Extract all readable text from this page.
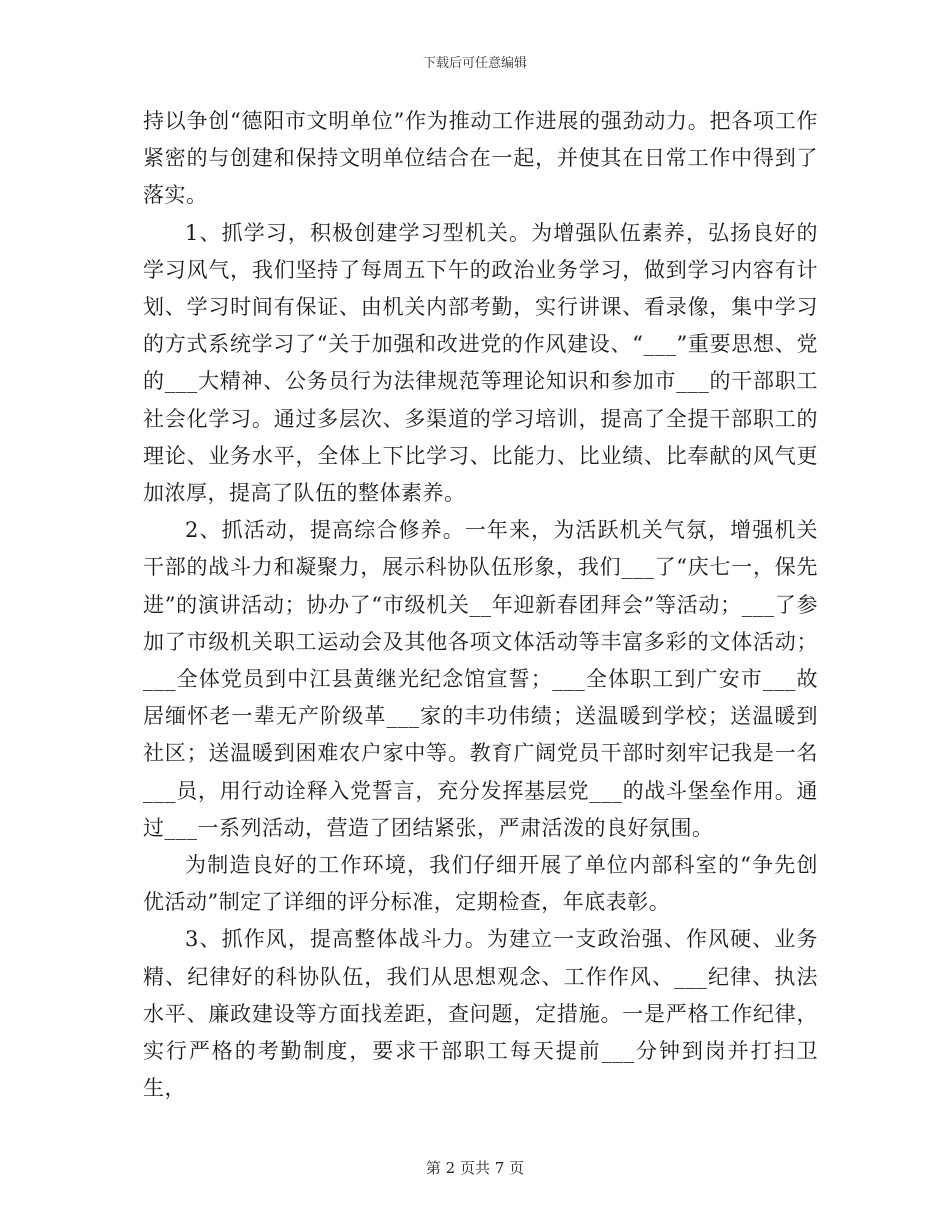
下载后可任意编辑

持以争创“德阳市文明单位”作为推动工作进展的强劲动力。把各项工作紧密的与创建和保持文明单位结合在一起，并使其在日常工作中得到了落实。

1、抓学习，积极创建学习型机关。为增强队伍素养，弘扬良好的学习风气，我们坚持了每周五下午的政治业务学习，做到学习内容有计划、学习时间有保证、由机关内部考勤，实行讲课、看录像，集中学习的方式系统学习了“关于加强和改进党的作风建设、“___”重要思想、党的___大精神、公务员行为法律规范等理论知识和参加市___的干部职工社会化学习。通过多层次、多渠道的学习培训，提高了全提干部职工的理论、业务水平，全体上下比学习、比能力、比业绩、比奉献的风气更加浓厚，提高了队伍的整体素养。

2、抓活动，提高综合修养。一年来，为活跃机关气氛，增强机关干部的战斗力和凝聚力，展示科协队伍形象，我们___了“庆七一，保先进”的演讲活动；协办了“市级机关__年迎新春团拜会”等活动；___了参加了市级机关职工运动会及其他各项文体活动等丰富多彩的文体活动；___全体党员到中江县黄继光纪念馆宣誓；___全体职工到广安市___故居缅怀老一辈无产阶级革___家的丰功伟绩；送温暖到学校；送温暖到社区；送温暖到困难农户家中等。教育广阔党员干部时刻牢记我是一名___员，用行动诠释入党誓言，充分发挥基层党___的战斗堡垒作用。通过___一系列活动，营造了团结紧张，严肃活泼的良好氛围。

为制造良好的工作环境，我们仔细开展了单位内部科室的“争先创优活动”制定了详细的评分标准，定期检查，年底表彰。

3、抓作风，提高整体战斗力。为建立一支政治强、作风硬、业务精、纪律好的科协队伍，我们从思想观念、工作作风、___纪律、执法水平、廉政建设等方面找差距，查问题，定措施。一是严格工作纪律，实行严格的考勤制度，要求干部职工每天提前___分钟到岗并打扫卫生，

第 2 页共 7 页
